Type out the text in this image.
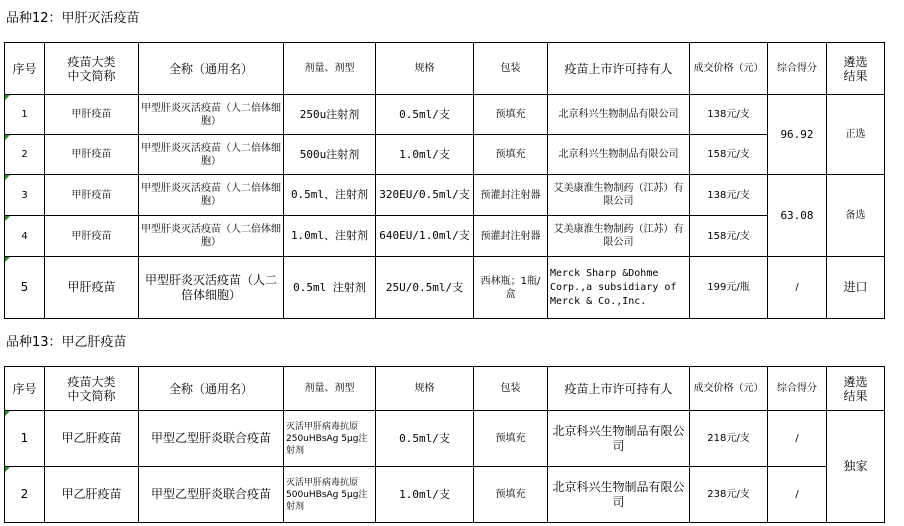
品种12：甲肝灭活疫苗
序号	疫苗大类
中文简称	全称（通用名）	剂量、剂型	规格	包装	疫苗上市许可持有人	成交价格（元）	综合得分	遴选
结果
1	甲肝疫苗	甲型肝炎灭活疫苗（人二倍体细胞）	250u注射剂	0.5ml/支	预填充	北京科兴生物制品有限公司	138元/支	96.92	正选
2	甲肝疫苗	甲型肝炎灭活疫苗（人二倍体细胞）	500u注射剂	1.0ml/支	预填充	北京科兴生物制品有限公司	158元/支		
3	甲肝疫苗	甲型肝炎灭活疫苗（人二倍体细胞）	0.5ml、注射剂	320EU/0.5ml/支	预灌封注射器	艾美康淮生物制药（江苏）有限公司	138元/支	63.08	备选
4	甲肝疫苗	甲型肝炎灭活疫苗（人二倍体细胞）	1.0ml、注射剂	640EU/1.0ml/支	预灌封注射器	艾美康淮生物制药（江苏）有限公司	158元/支		
5	甲肝疫苗	甲型肝炎灭活疫苗（人二倍体细胞）	0.5ml 注射剂	25U/0.5ml/支	西林瓶；1瓶/盒	Merck Sharp &Dohme Corp.,a subsidiary of Merck & Co.,Inc.	199元/瓶	/	进口
品种13：甲乙肝疫苗
序号	疫苗大类
中文简称	全称（通用名）	剂量、剂型	规格	包装	疫苗上市许可持有人	成交价格（元）	综合得分	遴选
结果
1	甲乙肝疫苗	甲型乙型肝炎联合疫苗	灭活甲肝病毒抗原250uHBsAg 5μg注射剂	0.5ml/支	预填充	北京科兴生物制品有限公司	218元/支	/	独家
2	甲乙肝疫苗	甲型乙型肝炎联合疫苗	灭活甲肝病毒抗原500uHBsAg 5μg注射剂	1.0ml/支	预填充	北京科兴生物制品有限公司	238元/支	/	
